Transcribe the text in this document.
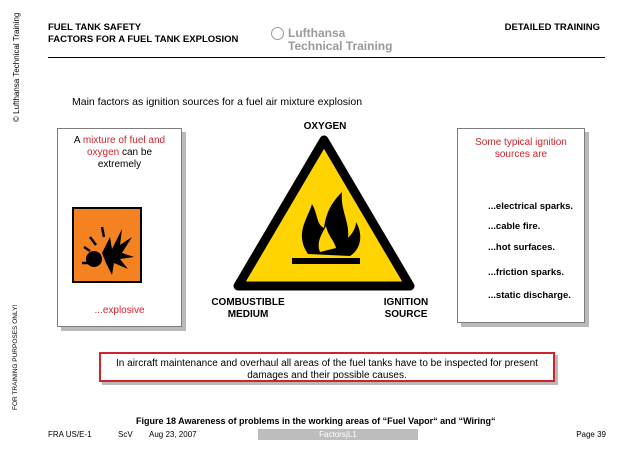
© Lufthansa Technical Training
FOR TRAINING PURPOSES ONLY!
FUEL TANK SAFETY
FACTORS FOR A FUEL TANK EXPLOSION	Lufthansa
Technical Training
DETAILED TRAINING
Main factors as ignition sources for a fuel air mixture explosion
OXYGEN
COMBUSTIBLE
MEDIUM
IGNITION
SOURCE
A mixture of fuel and
oxygen can be
extremely
...explosive
Some typical ignition
sources are
...electrical sparks.
...cable fire.
...hot surfaces.
...friction sparks.
...static discharge.
In aircraft maintenance and overhaul all areas of the fuel tanks have to be inspected for present
damages and their possible causes.
Figure 18 Awareness of problems in the working areas of “Fuel Vapor“ and “Wiring“
FRA US/E-1	ScV Aug 23, 2007	Factors|L1	Page 39
